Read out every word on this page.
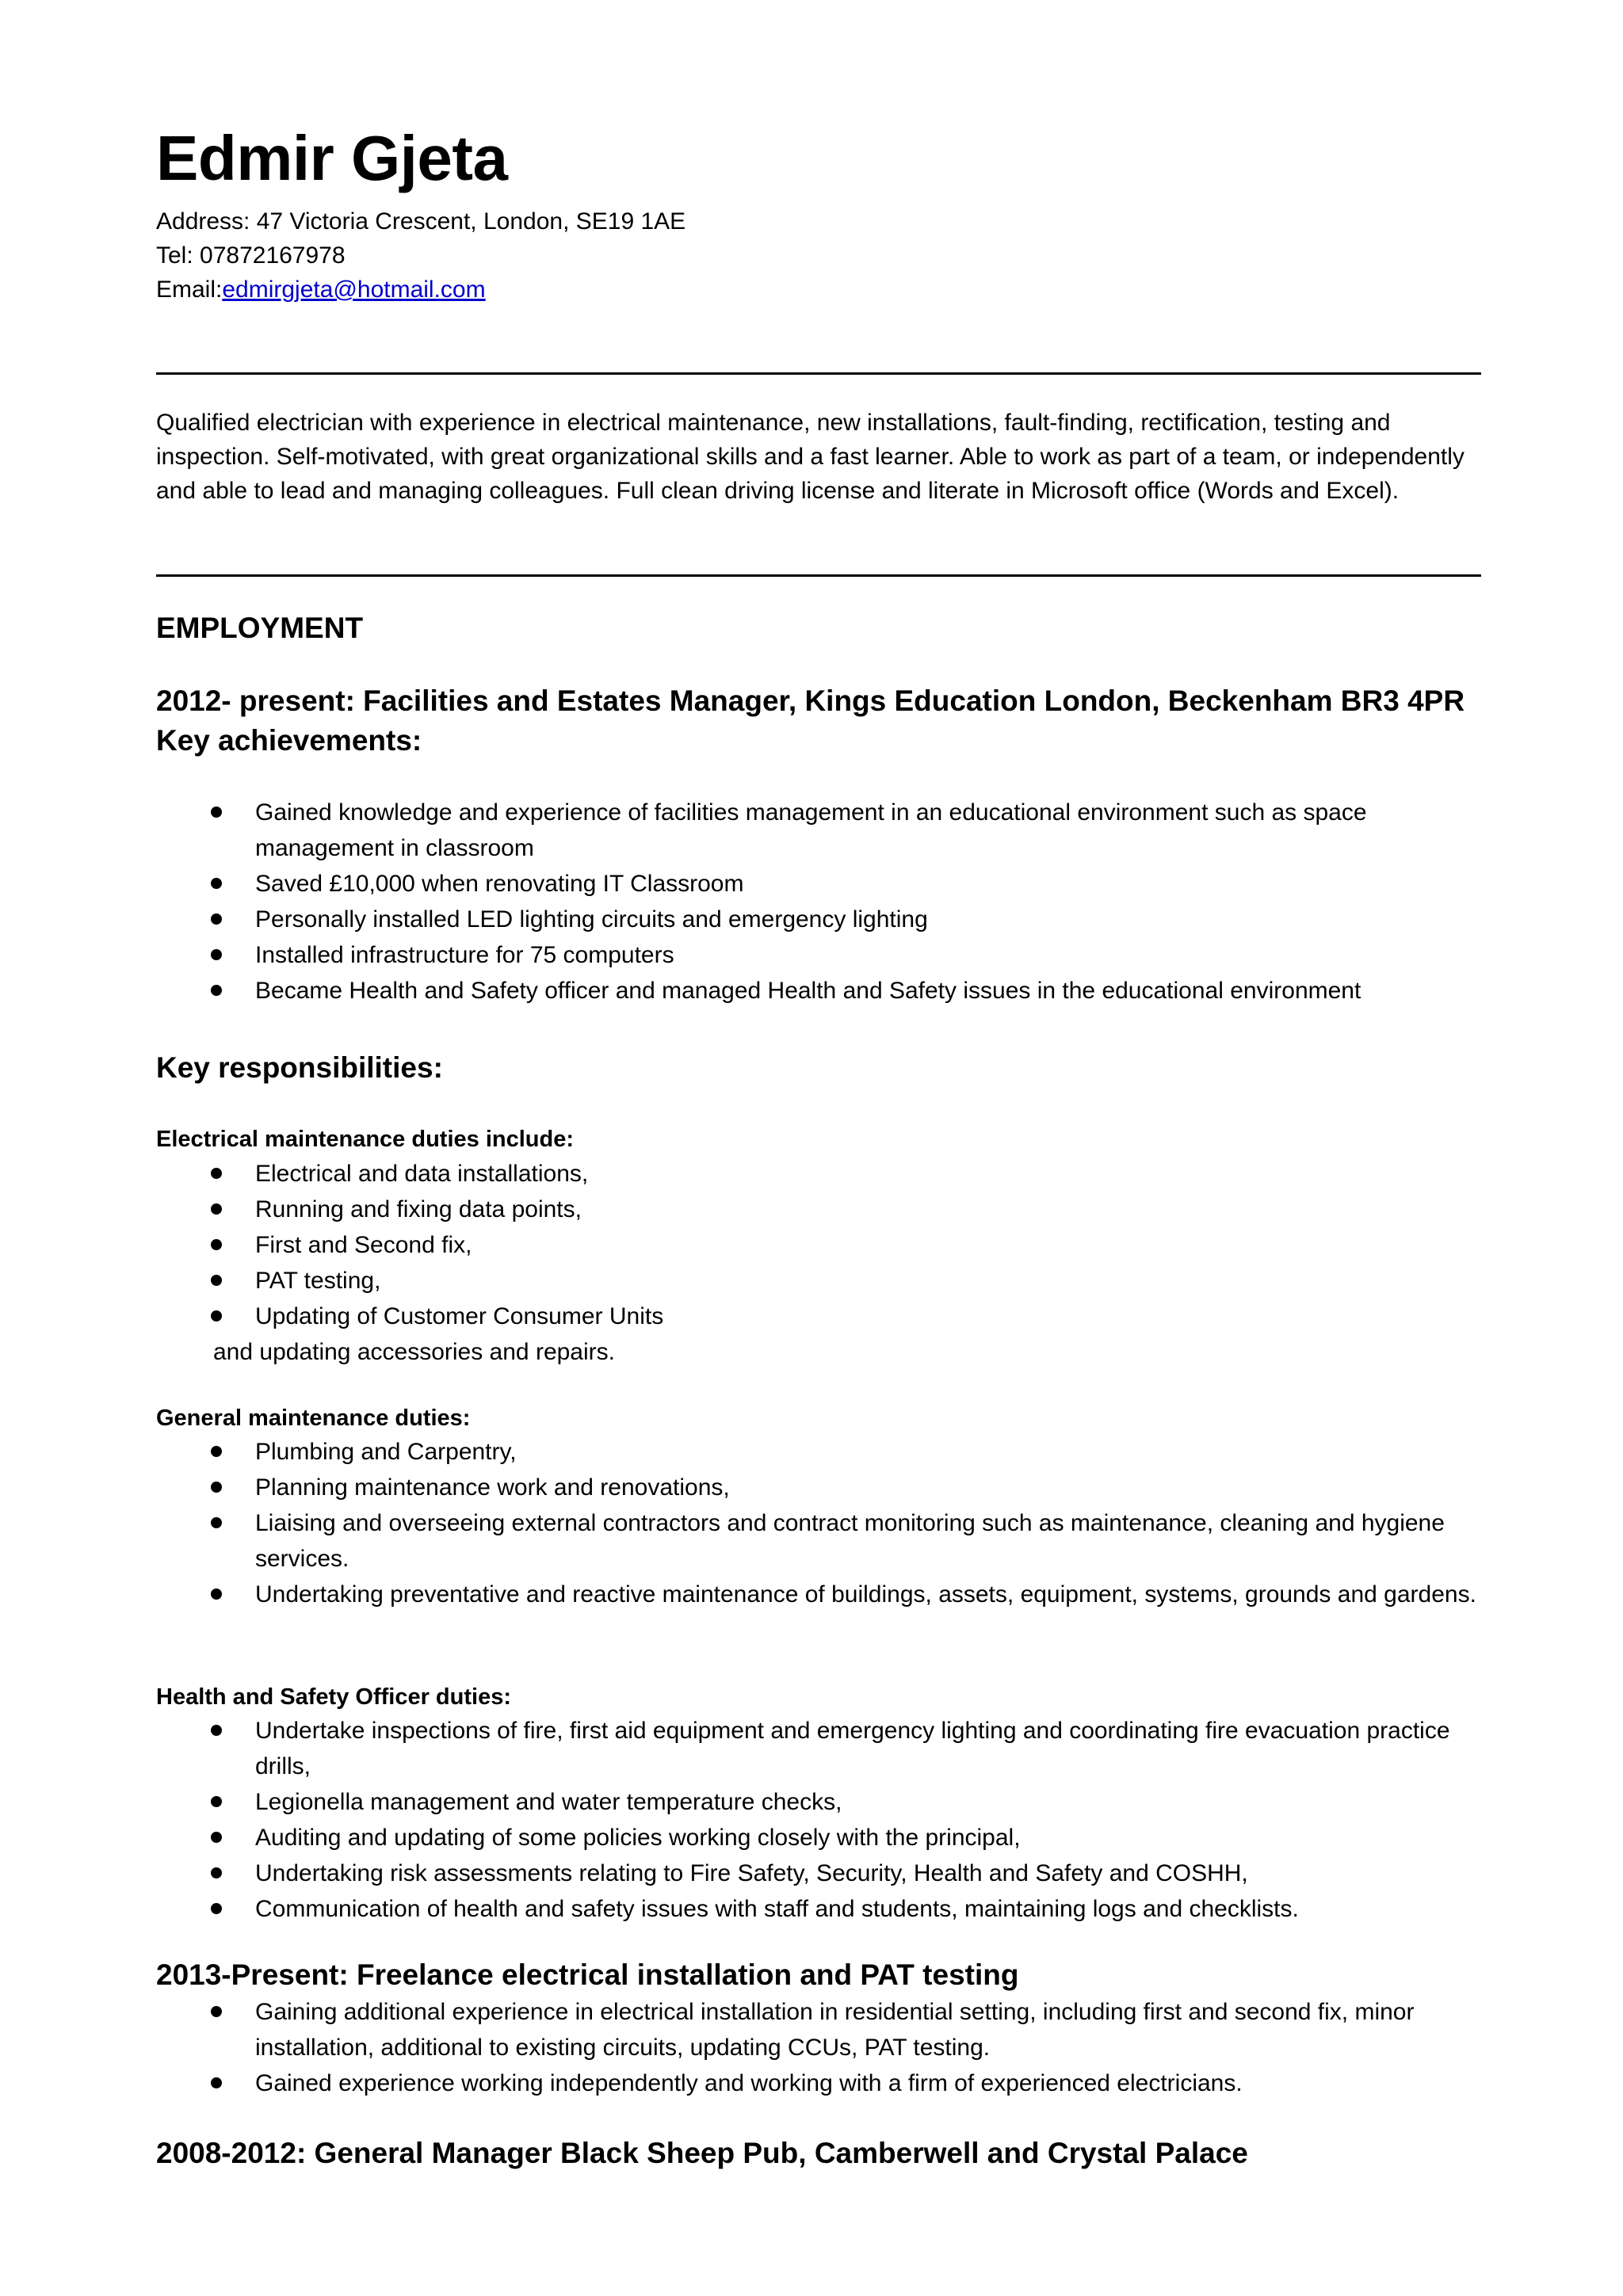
Edmir Gjeta
Address: 47 Victoria Crescent, London, SE19 1AE
Tel: 07872167978
Email:edmirgjeta@hotmail.com

Qualified electrician with experience in electrical maintenance, new installations, fault-finding, rectification, testing and inspection. Self-motivated, with great organizational skills and a fast learner. Able to work as part of a team, or independently and able to lead and managing colleagues. Full clean driving license and literate in Microsoft office (Words and Excel).

EMPLOYMENT
2012- present: Facilities and Estates Manager, Kings Education London, Beckenham BR3 4PR
Key achievements:
Gained knowledge and experience of facilities management in an educational environment such as space management in classroom
Saved £10,000 when renovating IT Classroom
Personally installed LED lighting circuits and emergency lighting
Installed infrastructure for 75 computers
Became Health and Safety officer and managed Health and Safety issues in the educational environment
Key responsibilities:
Electrical maintenance duties include:
Electrical and data installations,
Running and fixing data points,
First and Second fix,
PAT testing,
Updating of Customer Consumer Units
and updating accessories and repairs.
General maintenance duties:
Plumbing and Carpentry,
Planning maintenance work and renovations,
Liaising and overseeing external contractors and contract monitoring such as maintenance, cleaning and hygiene services.
Undertaking preventative and reactive maintenance of buildings, assets, equipment, systems, grounds and gardens.
Health and Safety Officer duties:
Undertake inspections of fire, first aid equipment and emergency lighting and coordinating fire evacuation practice drills,
Legionella management and water temperature checks,
Auditing and updating of some policies working closely with the principal,
Undertaking risk assessments relating to Fire Safety, Security, Health and Safety and COSHH,
Communication of health and safety issues with staff and students, maintaining logs and checklists.
2013-Present: Freelance electrical installation and PAT testing
Gaining additional experience in electrical installation in residential setting, including first and second fix, minor installation, additional to existing circuits, updating CCUs, PAT testing.
Gained experience working independently and working with a firm of experienced electricians.
2008-2012: General Manager Black Sheep Pub, Camberwell and Crystal Palace
